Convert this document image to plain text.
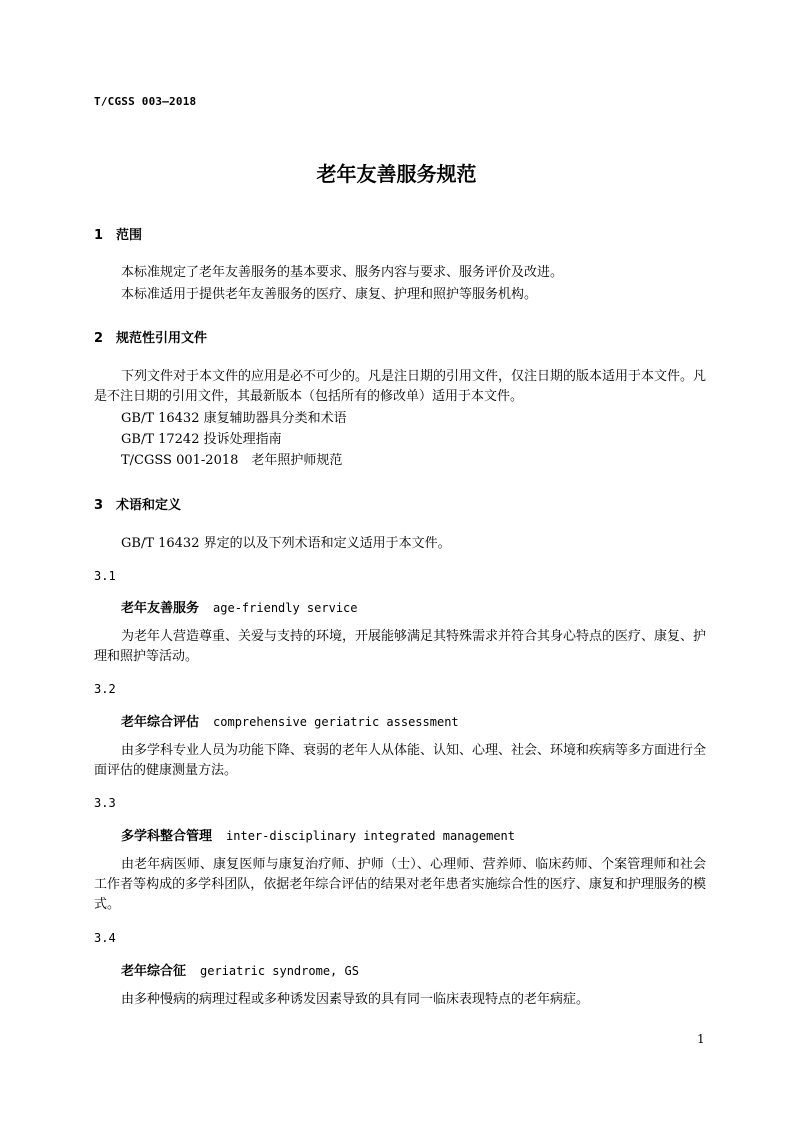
T/CGSS 003—2018
老年友善服务规范
1 范围
本标准规定了老年友善服务的基本要求、服务内容与要求、服务评价及改进。
本标准适用于提供老年友善服务的医疗、康复、护理和照护等服务机构。
2 规范性引用文件
下列文件对于本文件的应用是必不可少的。凡是注日期的引用文件，仅注日期的版本适用于本文件。凡是不注日期的引用文件，其最新版本（包括所有的修改单）适用于本文件。
GB/T 16432 康复辅助器具分类和术语
GB/T 17242 投诉处理指南
T/CGSS 001-2018　老年照护师规范
3 术语和定义
GB/T 16432 界定的以及下列术语和定义适用于本文件。
3.1
老年友善服务 age-friendly service
为老年人营造尊重、关爱与支持的环境，开展能够满足其特殊需求并符合其身心特点的医疗、康复、护理和照护等活动。
3.2
老年综合评估 comprehensive geriatric assessment
由多学科专业人员为功能下降、衰弱的老年人从体能、认知、心理、社会、环境和疾病等多方面进行全面评估的健康测量方法。
3.3
多学科整合管理 inter-disciplinary integrated management
由老年病医师、康复医师与康复治疗师、护师（士）、心理师、营养师、临床药师、个案管理师和社会工作者等构成的多学科团队，依据老年综合评估的结果对老年患者实施综合性的医疗、康复和护理服务的模式。
3.4
老年综合征 geriatric syndrome, GS
由多种慢病的病理过程或多种诱发因素导致的具有同一临床表现特点的老年病症。
1
